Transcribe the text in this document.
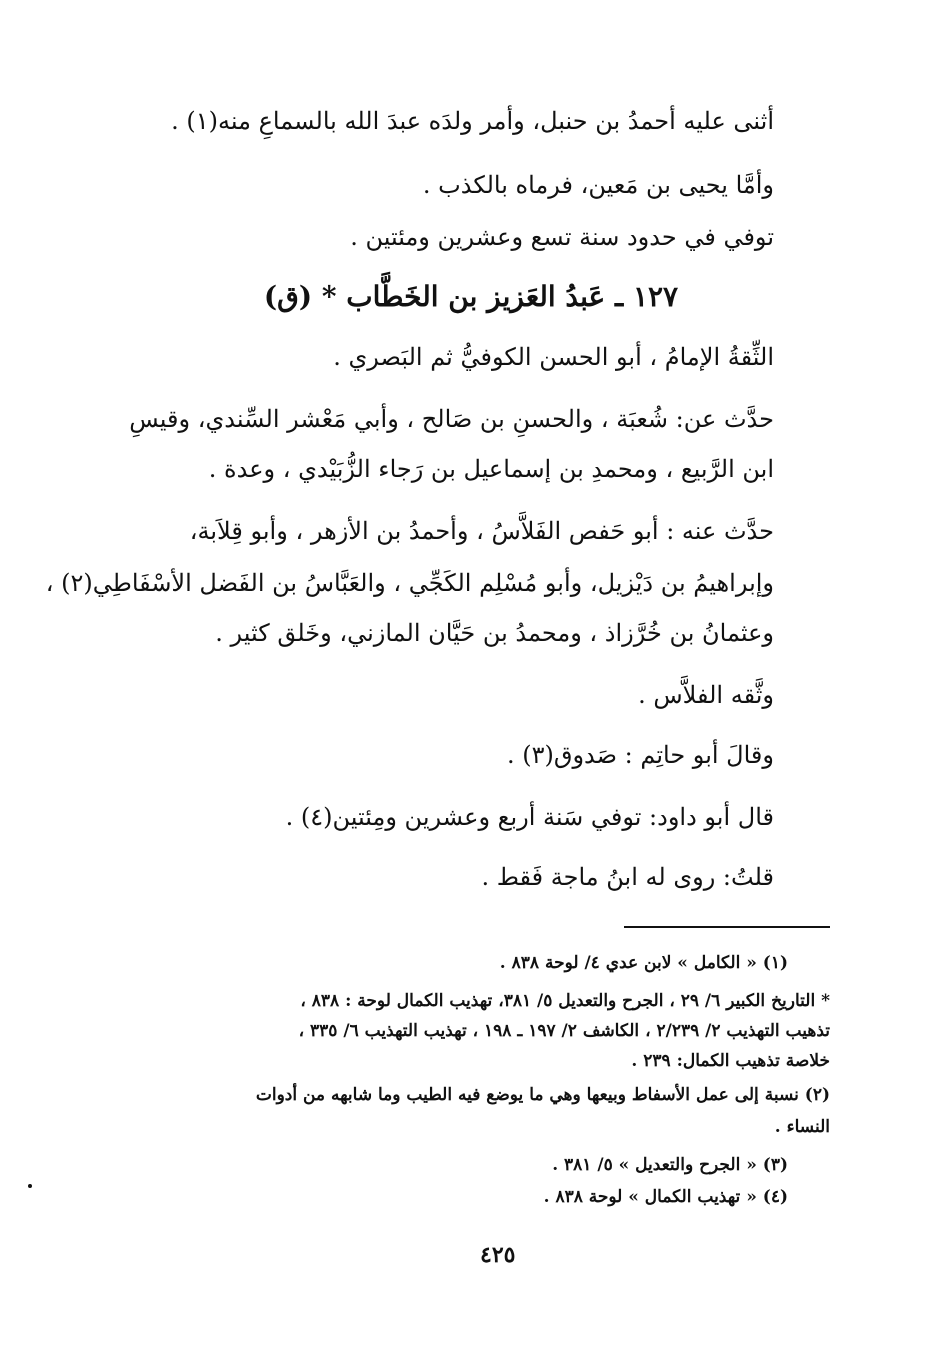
أثنى عليه أحمدُ بن حنبل، وأمر ولدَه عبدَ الله بالسماعِ منه(١) .
وأمَّا يحيى بن مَعين، فرماه بالكذب .
توفي في حدود سنة تسع وعشرين ومئتين .
١٢٧ ـ عَبدُ العَزيز بن الخَطَّاب * (ق)
الثِّقةُ الإمامُ ، أبو الحسن الكوفيُّ ثم البَصري .
حدَّث عن: شُعبَة ، والحسنِ بن صَالح ، وأبي مَعْشر السِّندي، وقيسِ
ابن الرَّبيع ، ومحمدِ بن إسماعيل بن رَجاء الزُّبَيْدي ، وعدة .
حدَّث عنه : أبو حَفص الفَلاَّسُ ، وأحمدُ بن الأزهر ، وأبو قِلاَبة،
وإبراهيمُ بن دَيْزيل، وأبو مُسْلِم الكَجِّي ، والعَبَّاسُ بن الفَضل الأسْفَاطِي(٢) ،
وعثمانُ بن خُرَّزاذ ، ومحمدُ بن حَيَّان المازني، وخَلق كثير .
وثَّقه الفلاَّس .
وقالَ أبو حاتِم : صَدوق(٣) .
قال أبو داود: توفي سَنة أربع وعشرين ومِئتين(٤) .
قلتُ: روى له ابنُ ماجة فَقط .
(١) « الكامل » لابن عدي ٤/ لوحة ٨٣٨ .
* التاريخ الكبير ٦/ ٢٩ ، الجرح والتعديل ٥/ ٣٨١، تهذيب الكمال لوحة : ٨٣٨ ،
تذهيب التهذيب ٢/ ٢/٢٣٩ ، الكاشف ٢/ ١٩٧ ـ ١٩٨ ، تهذيب التهذيب ٦/ ٣٣٥ ،
خلاصة تذهيب الكمال: ٢٣٩ .
(٢) نسبة إلى عمل الأسفاط وبيعها وهي ما يوضع فيه الطيب وما شابهه من أدوات
النساء .
(٣) « الجرح والتعديل » ٥/ ٣٨١ .
(٤) « تهذيب الكمال » لوحة ٨٣٨ .
٤٢٥
